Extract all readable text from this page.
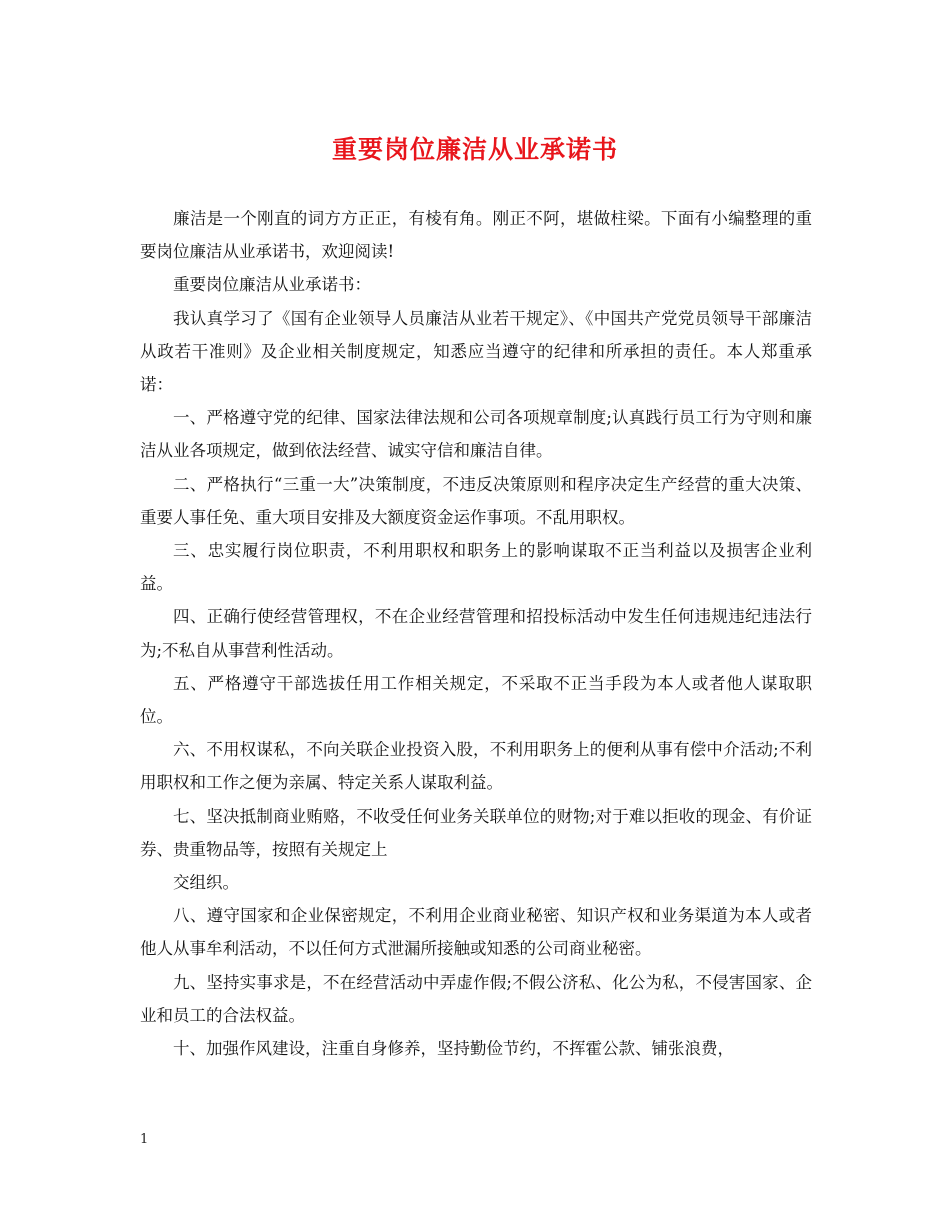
重要岗位廉洁从业承诺书

廉洁是一个刚直的词方方正正，有棱有角。刚正不阿，堪做柱梁。下面有小编整理的重要岗位廉洁从业承诺书，欢迎阅读!

重要岗位廉洁从业承诺书：

我认真学习了《国有企业领导人员廉洁从业若干规定》、《中国共产党党员领导干部廉洁从政若干准则》及企业相关制度规定，知悉应当遵守的纪律和所承担的责任。本人郑重承诺：

一、严格遵守党的纪律、国家法律法规和公司各项规章制度;认真践行员工行为守则和廉洁从业各项规定，做到依法经营、诚实守信和廉洁自律。

二、严格执行“三重一大”决策制度，不违反决策原则和程序决定生产经营的重大决策、重要人事任免、重大项目安排及大额度资金运作事项。不乱用职权。

三、忠实履行岗位职责，不利用职权和职务上的影响谋取不正当利益以及损害企业利益。

四、正确行使经营管理权，不在企业经营管理和招投标活动中发生任何违规违纪违法行为;不私自从事营利性活动。

五、严格遵守干部选拔任用工作相关规定，不采取不正当手段为本人或者他人谋取职位。

六、不用权谋私，不向关联企业投资入股，不利用职务上的便利从事有偿中介活动;不利用职权和工作之便为亲属、特定关系人谋取利益。

七、坚决抵制商业贿赂，不收受任何业务关联单位的财物;对于难以拒收的现金、有价证券、贵重物品等，按照有关规定上

交组织。

八、遵守国家和企业保密规定，不利用企业商业秘密、知识产权和业务渠道为本人或者他人从事牟利活动，不以任何方式泄漏所接触或知悉的公司商业秘密。

九、坚持实事求是，不在经营活动中弄虚作假;不假公济私、化公为私，不侵害国家、企业和员工的合法权益。

十、加强作风建设，注重自身修养，坚持勤俭节约，不挥霍公款、铺张浪费，

1
